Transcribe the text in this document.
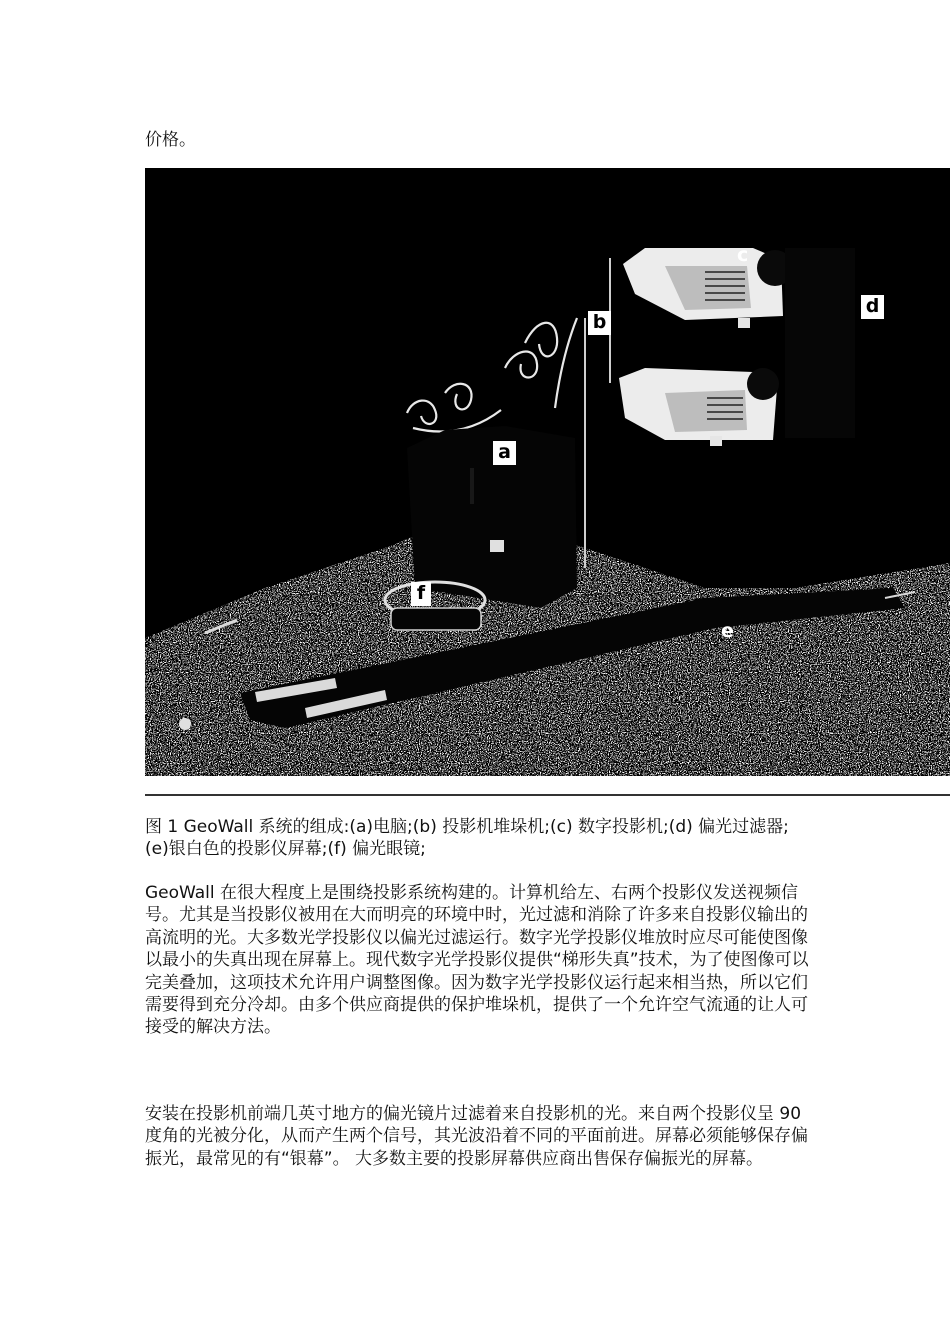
价格。
c
d
b
a
f
e
图 1 GeoWall 系统的组成:(a)电脑;(b) 投影机堆垛机;(c) 数字投影机;(d) 偏光过滤器;(e)银白色的投影仪屏幕;(f) 偏光眼镜;
GeoWall 在很大程度上是围绕投影系统构建的。计算机给左、右两个投影仪发送视频信号。尤其是当投影仪被用在大而明亮的环境中时，光过滤和消除了许多来自投影仪输出的高流明的光。大多数光学投影仪以偏光过滤运行。数字光学投影仪堆放时应尽可能使图像以最小的失真出现在屏幕上。现代数字光学投影仪提供“梯形失真”技术，为了使图像可以完美叠加，这项技术允许用户调整图像。因为数字光学投影仪运行起来相当热，所以它们需要得到充分冷却。由多个供应商提供的保护堆垛机，提供了一个允许空气流通的让人可接受的解决方法。
安装在投影机前端几英寸地方的偏光镜片过滤着来自投影机的光。来自两个投影仪呈 90 度角的光被分化，从而产生两个信号，其光波沿着不同的平面前进。屏幕必须能够保存偏振光，最常见的有“银幕”。 大多数主要的投影屏幕供应商出售保存偏振光的屏幕。
